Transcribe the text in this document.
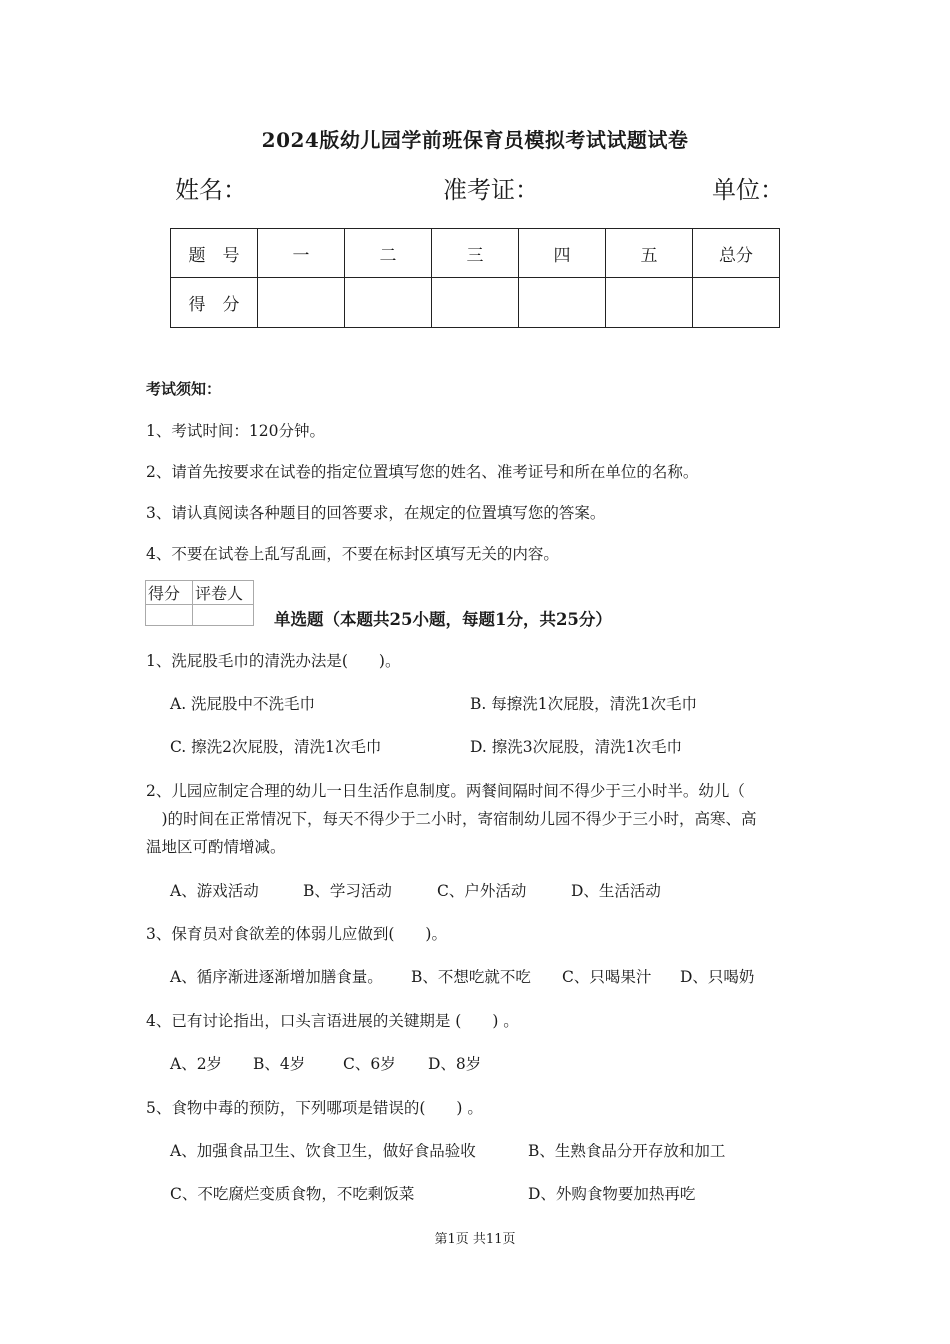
2024版幼儿园学前班保育员模拟考试试题试卷
姓名：	准考证：	单位：
题　号	一	二	三	四	五	总分
得　分						
考试须知：
1、考试时间：120分钟。
2、请首先按要求在试卷的指定位置填写您的姓名、准考证号和所在单位的名称。
3、请认真阅读各种题目的回答要求，在规定的位置填写您的答案。
4、不要在试卷上乱写乱画，不要在标封区填写无关的内容。
得分	评卷人

单选题（本题共25小题，每题1分，共25分）
1、洗屁股毛巾的清洗办法是(　　)。
A. 洗屁股中不洗毛巾	B. 每擦洗1次屁股，清洗1次毛巾
C. 擦洗2次屁股，清洗1次毛巾	D. 擦洗3次屁股，清洗1次毛巾
2、儿园应制定合理的幼儿一日生活作息制度。两餐间隔时间不得少于三小时半。幼儿（
　)的时间在正常情况下，每天不得少于二小时，寄宿制幼儿园不得少于三小时，高寒、高
温地区可酌情增减。
A、游戏活动	B、学习活动	C、户外活动	D、生活活动
3、保育员对食欲差的体弱儿应做到(　　)。
A、循序渐进逐渐增加膳食量。 B、不想吃就不吃 C、只喝果汁 D、只喝奶
4、已有讨论指出，口头言语进展的关键期是 (　　) 。
A、2岁 B、4岁 C、6岁 D、8岁
5、食物中毒的预防，下列哪项是错误的(　　) 。
A、加强食品卫生、饮食卫生，做好食品验收	B、生熟食品分开存放和加工
C、不吃腐烂变质食物，不吃剩饭菜	D、外购食物要加热再吃
第1页 共11页
